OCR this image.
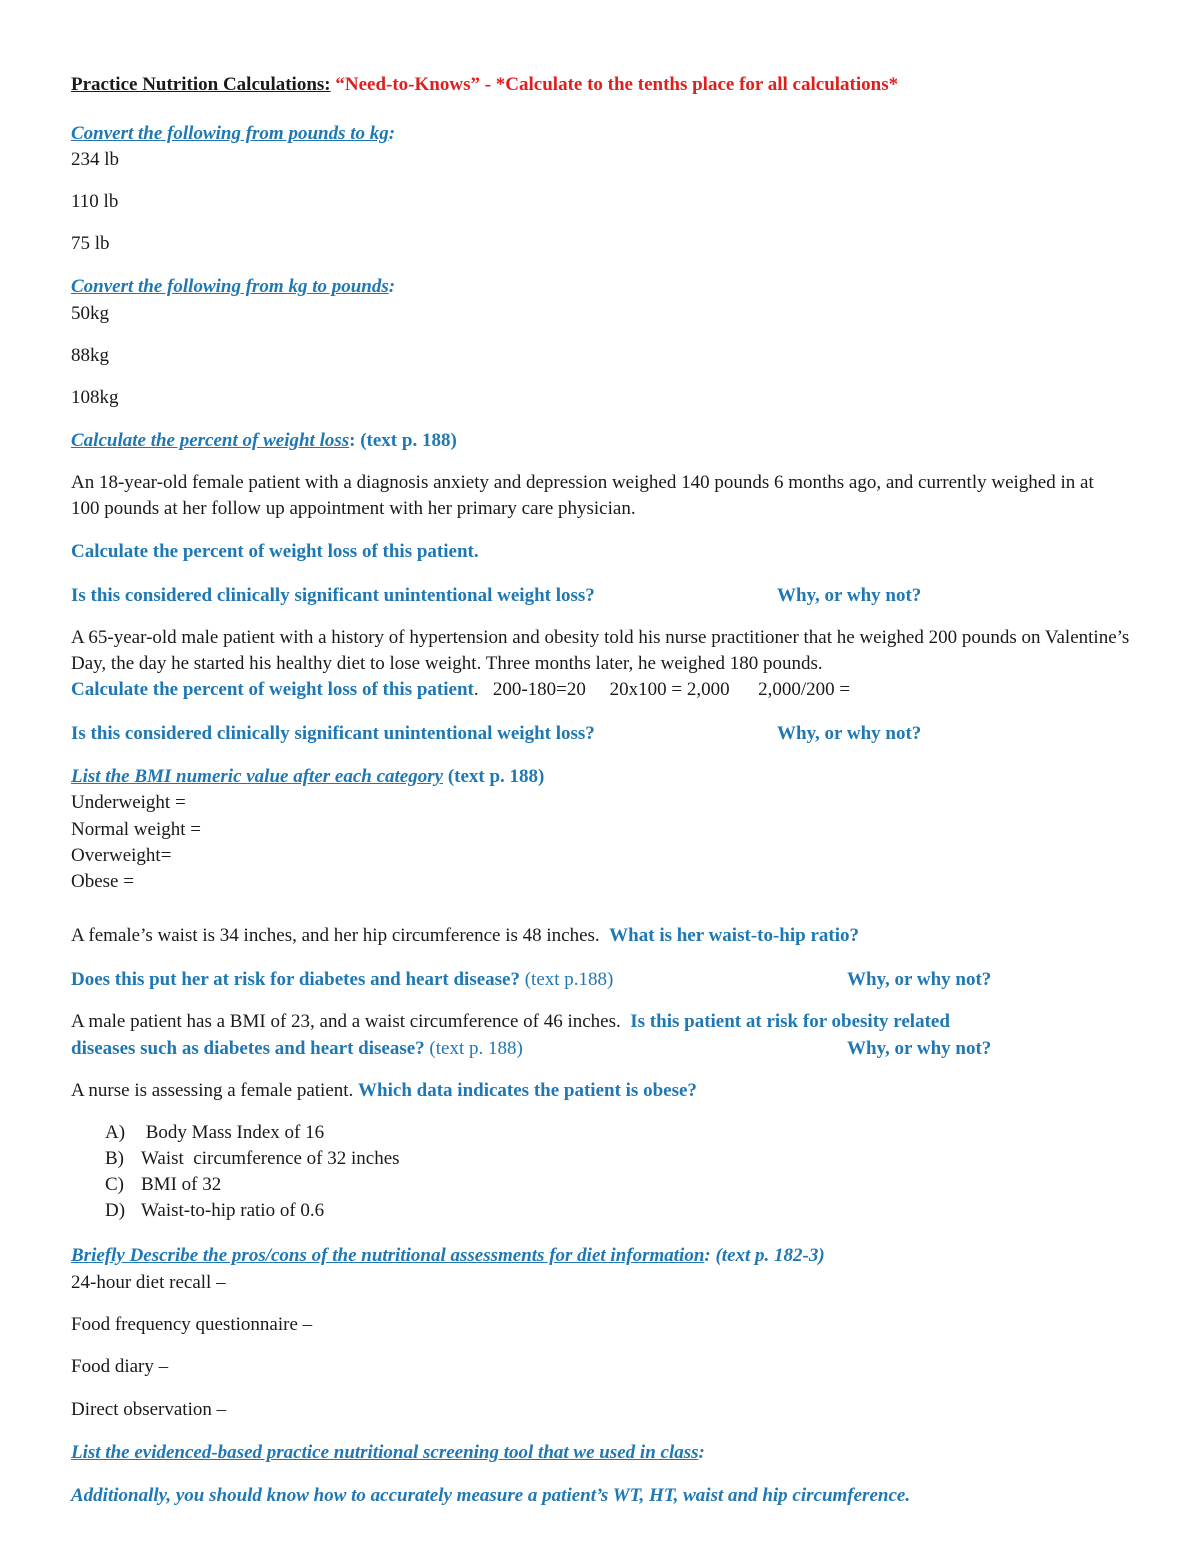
Practice Nutrition Calculations: “Need-to-Knows” - *Calculate to the tenths place for all calculations*

Convert the following from pounds to kg:

234 lb

110 lb

75 lb

Convert the following from kg to pounds:

50kg

88kg

108kg

Calculate the percent of weight loss: (text p. 188)

An 18-year-old female patient with a diagnosis anxiety and depression weighed 140 pounds 6 months ago, and currently weighed in at 100 pounds at her follow up appointment with her primary care physician.

Calculate the percent of weight loss of this patient.

Is this considered clinically significant unintentional weight loss?	Why, or why not?

A 65-year-old male patient with a history of hypertension and obesity told his nurse practitioner that he weighed 200 pounds on Valentine’s Day, the day he started his healthy diet to lose weight. Three months later, he weighed 180 pounds.

Calculate the percent of weight loss of this patient.   200-180=20     20x100 = 2,000      2,000/200 =

Is this considered clinically significant unintentional weight loss?	Why, or why not?

List the BMI numeric value after each category (text p. 188)

Underweight =

Normal weight =

Overweight=

Obese =

A female’s waist is 34 inches, and her hip circumference is 48 inches. What is her waist-to-hip ratio?

Does this put her at risk for diabetes and heart disease? (text p.188)	Why, or why not?

A male patient has a BMI of 23, and a waist circumference of 46 inches. Is this patient at risk for obesity related

diseases such as diabetes and heart disease? (text p. 188)	Why, or why not?

A nurse is assessing a female patient. Which data indicates the patient is obese?

A) Body Mass Index of 16
B) Waist  circumference of 32 inches
C) BMI of 32
D) Waist-to-hip ratio of 0.6

Briefly Describe the pros/cons of the nutritional assessments for diet information: (text p. 182-3)

24-hour diet recall –

Food frequency questionnaire –

Food diary –

Direct observation –

List the evidenced-based practice nutritional screening tool that we used in class:

Additionally, you should know how to accurately measure a patient’s WT, HT, waist and hip circumference.
